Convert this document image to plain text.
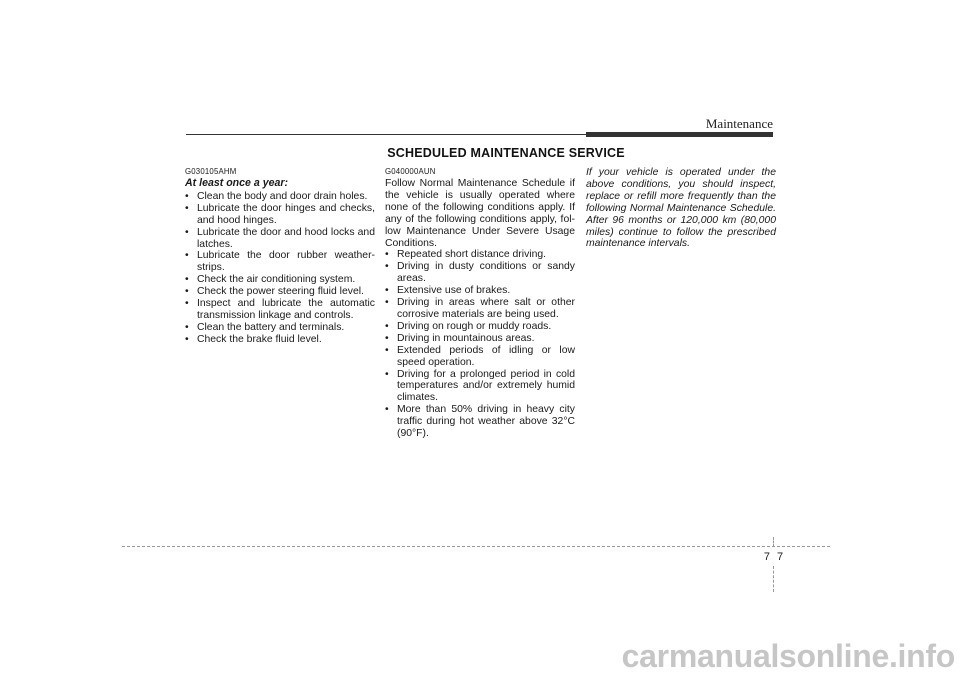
Maintenance
SCHEDULED MAINTENANCE SERVICE
G030105AHM
At least once a year:
• Clean the body and door drain holes.
• Lubricate the door hinges and checks, and hood hinges.
• Lubricate the door and hood locks and latches.
• Lubricate the door rubber weather-strips.
• Check the air conditioning system.
• Check the power steering fluid level.
• Inspect and lubricate the automatic transmission linkage and controls.
• Clean the battery and terminals.
• Check the brake fluid level.
G040000AUN
Follow Normal Maintenance Schedule if the vehicle is usually operated where none of the following conditions apply. If any of the following conditions apply, fol-low Maintenance Under Severe Usage Conditions.
• Repeated short distance driving.
• Driving in dusty conditions or sandy areas.
• Extensive use of brakes.
• Driving in areas where salt or other corrosive materials are being used.
• Driving on rough or muddy roads.
• Driving in mountainous areas.
• Extended periods of idling or low speed operation.
• Driving for a prolonged period in cold temperatures and/or extremely humid climates.
• More than 50% driving in heavy city traffic during hot weather above 32°C (90°F).
If your vehicle is operated under the above conditions, you should inspect, replace or refill more frequently than the following Normal Maintenance Schedule. After 96 months or 120,000 km (80,000 miles) continue to follow the prescribed maintenance intervals.
7 7
carmanualsonline.info
